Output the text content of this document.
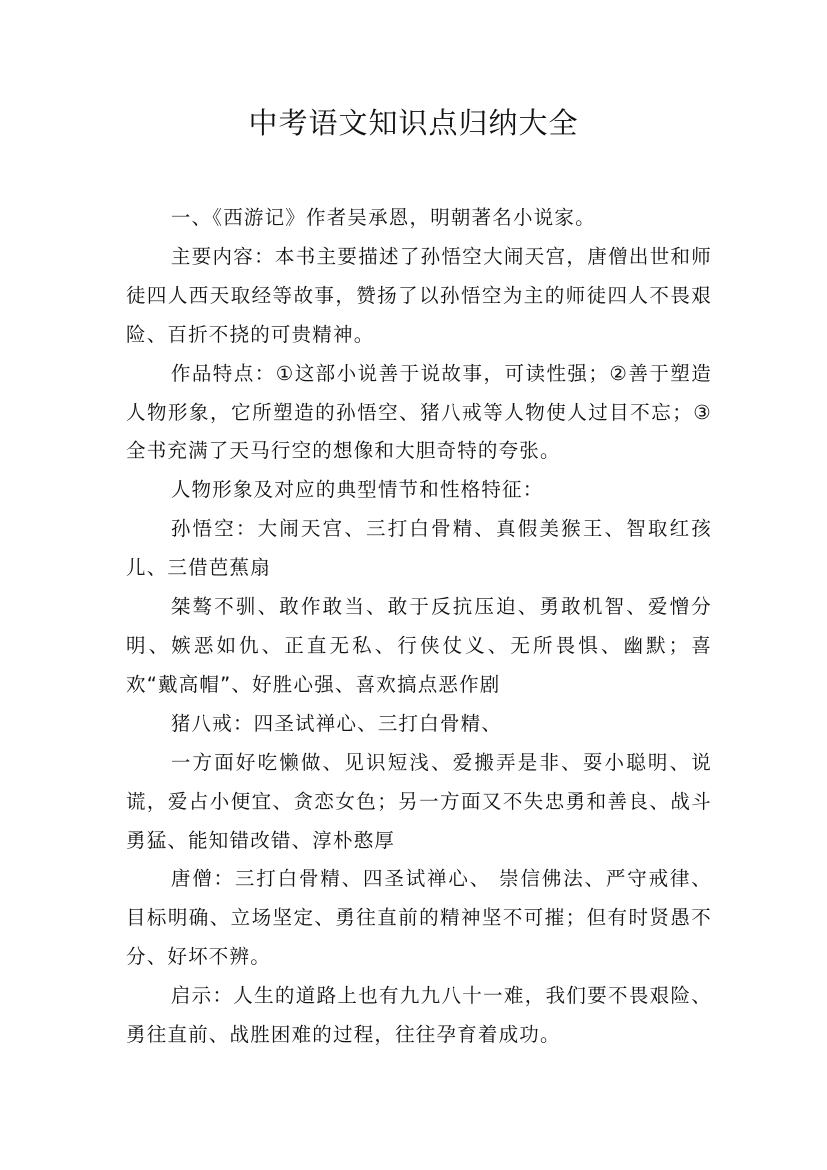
中考语文知识点归纳大全

一、《西游记》作者吴承恩，明朝著名小说家。

主要内容：本书主要描述了孙悟空大闹天宫，唐僧出世和师徒四人西天取经等故事，赞扬了以孙悟空为主的师徒四人不畏艰险、百折不挠的可贵精神。

作品特点：①这部小说善于说故事，可读性强；②善于塑造人物形象，它所塑造的孙悟空、猪八戒等人物使人过目不忘；③全书充满了天马行空的想像和大胆奇特的夸张。

人物形象及对应的典型情节和性格特征：

孙悟空：大闹天宫、三打白骨精、真假美猴王、智取红孩儿、三借芭蕉扇

桀骜不驯、敢作敢当、敢于反抗压迫、勇敢机智、爱憎分明、嫉恶如仇、正直无私、行侠仗义、无所畏惧、幽默；喜欢“戴高帽”、好胜心强、喜欢搞点恶作剧

猪八戒：四圣试禅心、三打白骨精、

一方面好吃懒做、见识短浅、爱搬弄是非、耍小聪明、说谎，爱占小便宜、贪恋女色；另一方面又不失忠勇和善良、战斗勇猛、能知错改错、淳朴憨厚

唐僧：三打白骨精、四圣试禅心、 崇信佛法、严守戒律、目标明确、立场坚定、勇往直前的精神坚不可摧；但有时贤愚不分、好坏不辨。

启示：人生的道路上也有九九八十一难，我们要不畏艰险、勇往直前、战胜困难的过程，往往孕育着成功。
